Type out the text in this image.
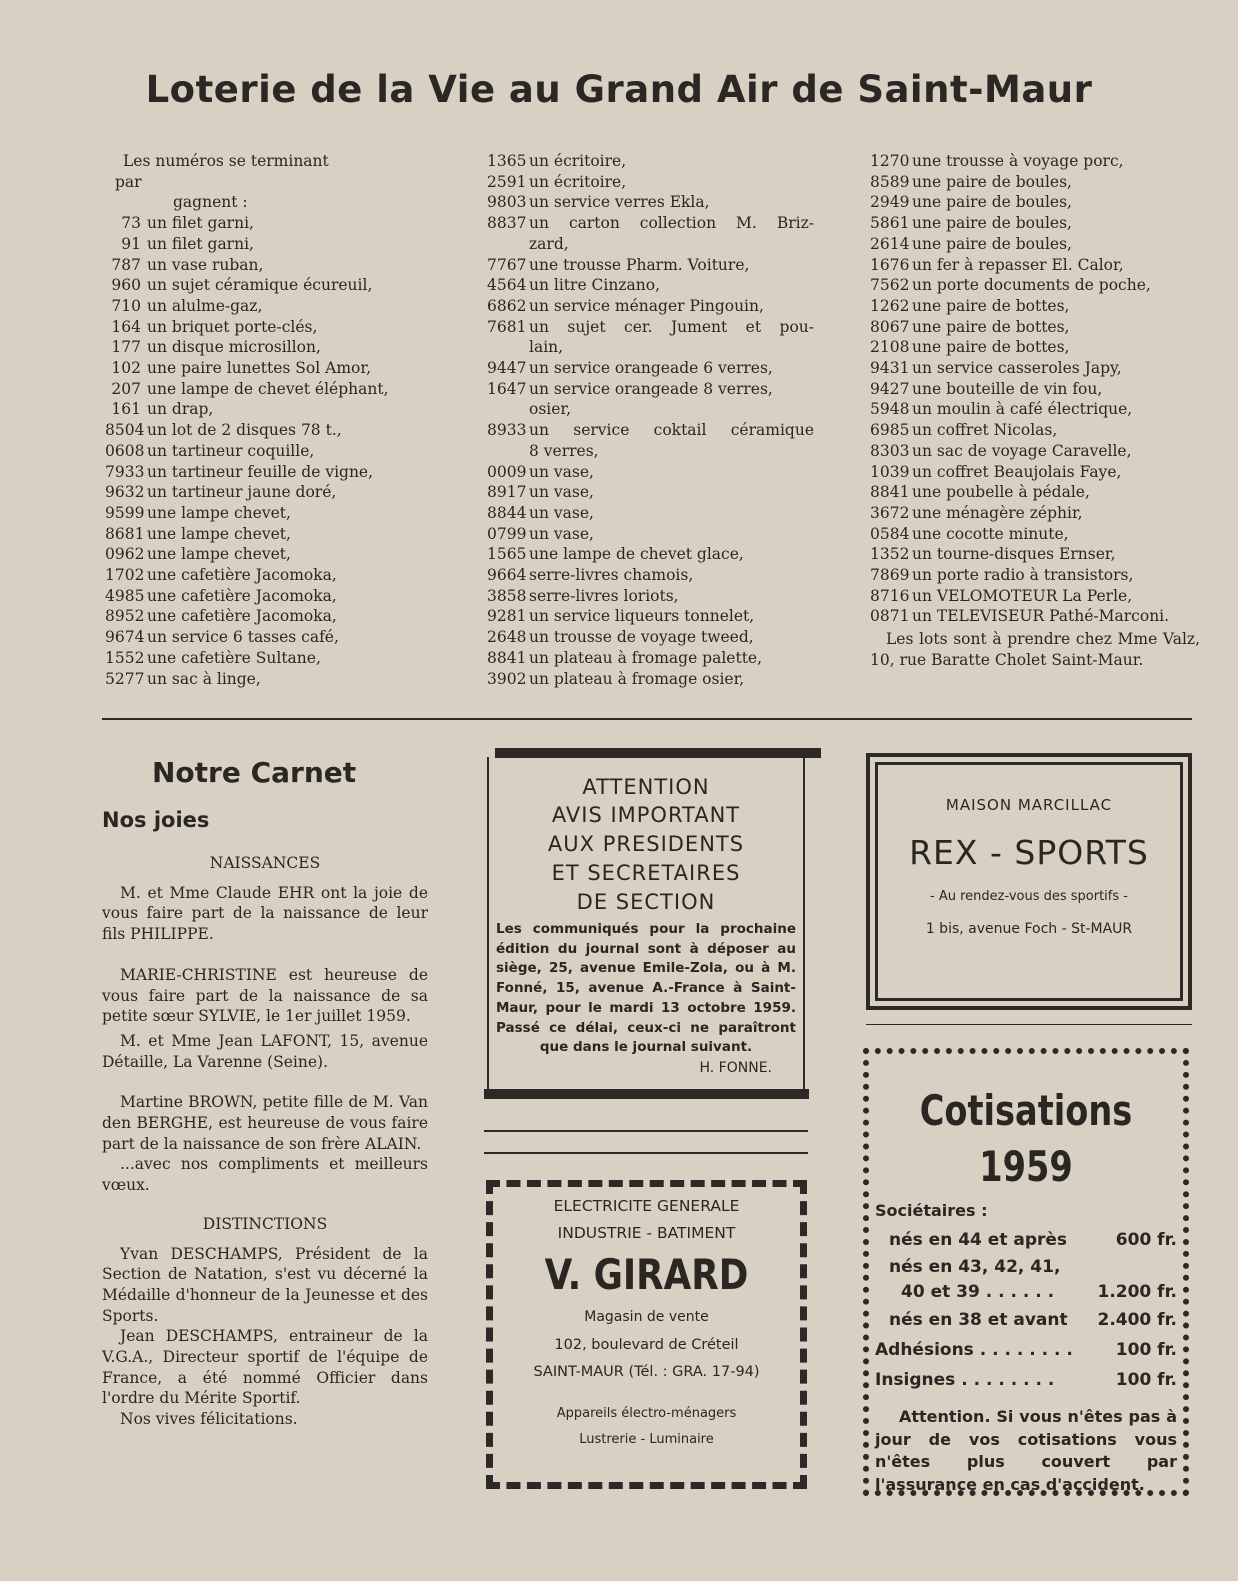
Loterie de la Vie au Grand Air de Saint-Maur
Les numéros se terminant
par
gagnent :
73 un filet garni,
91 un filet garni,
787 un vase ruban,
960 un sujet céramique écureuil,
710 un alulme-gaz,
164 un briquet porte-clés,
177 un disque microsillon,
102 une paire lunettes Sol Amor,
207 une lampe de chevet éléphant,
161 un drap,
8504 un lot de 2 disques 78 t.,
0608 un tartineur coquille,
7933 un tartineur feuille de vigne,
9632 un tartineur jaune doré,
9599 une lampe chevet,
8681 une lampe chevet,
0962 une lampe chevet,
1702 une cafetière Jacomoka,
4985 une cafetière Jacomoka,
8952 une cafetière Jacomoka,
9674 un service 6 tasses café,
1552 une cafetière Sultane,
5277 un sac à linge,
1365 un écritoire,
2591 un écritoire,
9803 un service verres Ekla,
8837 un carton collection M. Briz-
zard,
7767 une trousse Pharm. Voiture,
4564 un litre Cinzano,
6862 un service ménager Pingouin,
7681 un sujet cer. Jument et pou-
lain,
9447 un service orangeade 6 verres,
1647 un service orangeade 8 verres,
osier,
8933 un service coktail céramique
8 verres,
0009 un vase,
8917 un vase,
8844 un vase,
0799 un vase,
1565 une lampe de chevet glace,
9664 serre-livres chamois,
3858 serre-livres loriots,
9281 un service liqueurs tonnelet,
2648 un trousse de voyage tweed,
8841 un plateau à fromage palette,
3902 un plateau à fromage osier,
1270 une trousse à voyage porc,
8589 une paire de boules,
2949 une paire de boules,
5861 une paire de boules,
2614 une paire de boules,
1676 un fer à repasser El. Calor,
7562 un porte documents de poche,
1262 une paire de bottes,
8067 une paire de bottes,
2108 une paire de bottes,
9431 un service casseroles Japy,
9427 une bouteille de vin fou,
5948 un moulin à café électrique,
6985 un coffret Nicolas,
8303 un sac de voyage Caravelle,
1039 un coffret Beaujolais Faye,
8841 une poubelle à pédale,
3672 une ménagère zéphir,
0584 une cocotte minute,
1352 un tourne-disques Ernser,
7869 un porte radio à transistors,
8716 un VELOMOTEUR La Perle,
0871 un TELEVISEUR Pathé-Marconi.
Les lots sont à prendre chez Mme Valz, 10, rue Baratte Cholet Saint-Maur.
Notre Carnet
Nos joies
NAISSANCES

M. et Mme Claude EHR ont la joie de vous faire part de la naissance de leur fils PHILIPPE.

MARIE-CHRISTINE est heureuse de vous faire part de la naissance de sa petite sœur SYLVIE, le 1er juillet 1959.

M. et Mme Jean LAFONT, 15, avenue Détaille, La Varenne (Seine).

Martine BROWN, petite fille de M. Van den BERGHE, est heureuse de vous faire part de la naissance de son frère ALAIN.

...avec nos compliments et meilleurs vœux.

DISTINCTIONS

Yvan DESCHAMPS, Président de la Section de Natation, s'est vu décerné la Médaille d'honneur de la Jeunesse et des Sports.

Jean DESCHAMPS, entraineur de la V.G.A., Directeur sportif de l'équipe de France, a été nommé Officier dans l'ordre du Mérite Sportif.

Nos vives félicitations.

ATTENTION
AVIS IMPORTANT
AUX PRESIDENTS
ET SECRETAIRES
DE SECTION
Les communiqués pour la prochaine édition du journal sont à déposer au siège, 25, avenue Emile-Zola, ou à M. Fonné, 15, avenue A.-France à Saint-Maur, pour le mardi 13 octobre 1959. Passé ce délai, ceux-ci ne paraîtront que dans le journal suivant.
H. FONNE.
ELECTRICITE GENERALE
INDUSTRIE - BATIMENT
V. GIRARD
Magasin de vente
102, boulevard de Créteil
SAINT-MAUR (Tél. : GRA. 17-94)
Appareils électro-ménagers
Lustrerie - Luminaire
MAISON MARCILLAC
REX - SPORTS
- Au rendez-vous des sportifs -
1 bis, avenue Foch - St-MAUR
Cotisations 1959
Sociétaires :
nés en 44 et après	600 fr.
nés en 43, 42, 41,
40 et 39 . . . . . .	1.200 fr.
nés en 38 et avant 2.400 fr.
Adhésions . . . . . . . .	100 fr.
Insignes . . . . . . . .	100 fr.
Attention. Si vous n'êtes pas à jour de vos cotisations vous n'êtes plus couvert par l'assurance en cas d'accident.
